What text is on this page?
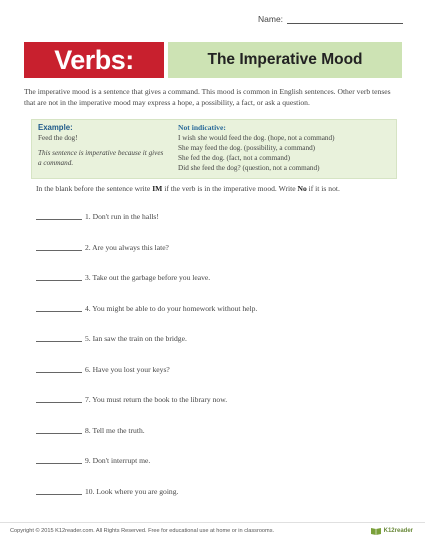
Name:
Verbs:	The Imperative Mood
The imperative mood is a sentence that gives a command. This mood is common in English sentences. Other verb tenses that are not in the imperative mood may express a hope, a possibility, a fact, or ask a question.
Example:
Feed the dog!
This sentence is imperative because it gives a command.
Not indicative:
I wish she would feed the dog. (hope, not a command)
She may feed the dog. (possibility, a command)
She fed the dog. (fact, not a command)
Did she feed the dog? (question, not a command)
In the blank before the sentence write IM if the verb is in the imperative mood. Write No if it is not.
1. Don't run in the halls!
2. Are you always this late?
3. Take out the garbage before you leave.
4. You might be able to do your homework without help.
5. Ian saw the train on the bridge.
6. Have you lost your keys?
7. You must return the book to the library now.
8. Tell me the truth.
9. Don't interrupt me.
10. Look where you are going.
Copyright © 2015 K12reader.com. All Rights Reserved. Free for educational use at home or in classrooms.	K12reader
